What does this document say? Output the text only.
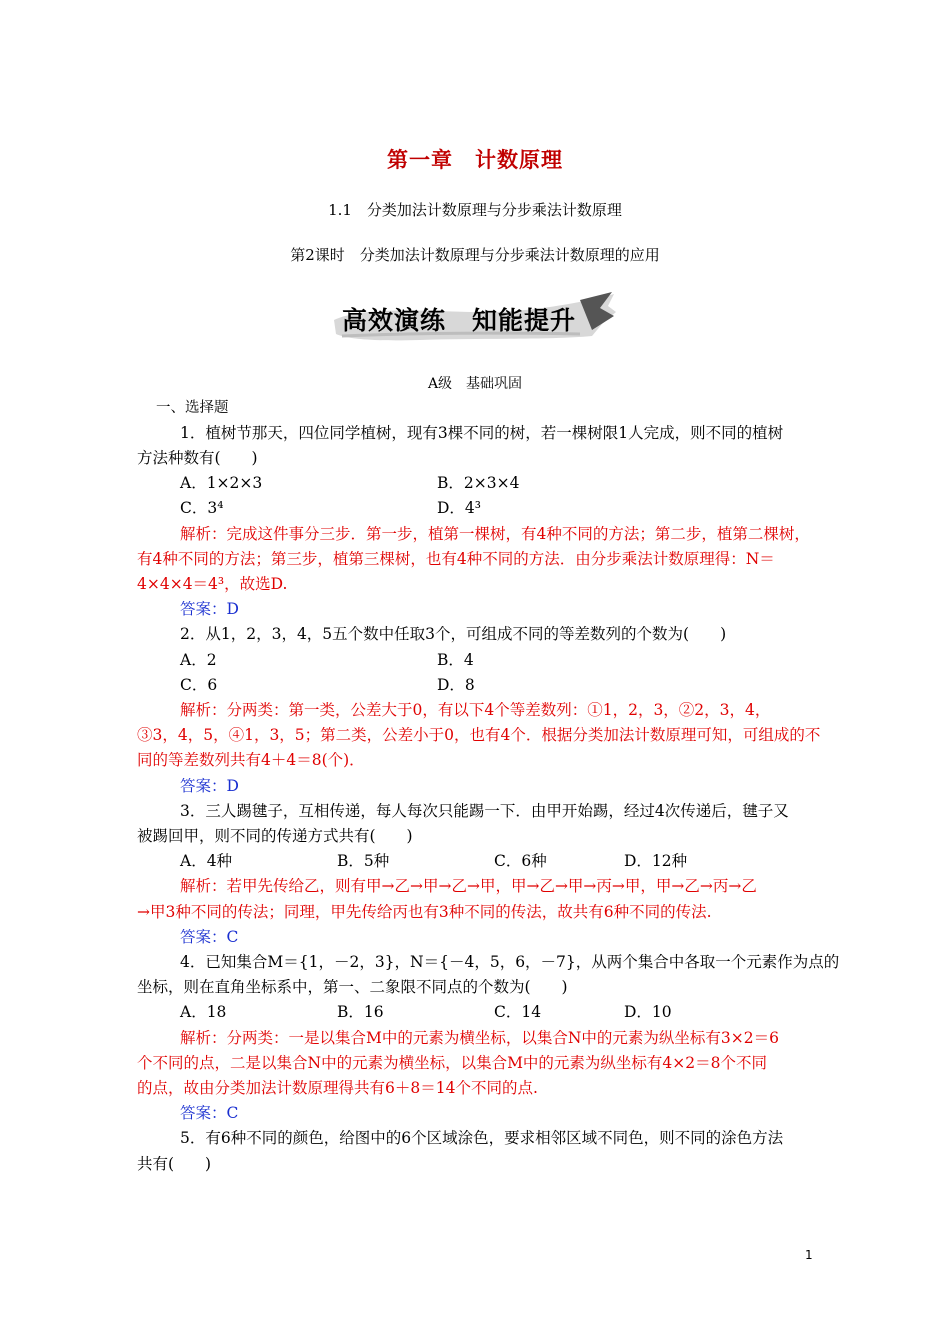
第一章　计数原理
1.1　分类加法计数原理与分步乘法计数原理
第2课时　分类加法计数原理与分步乘法计数原理的应用
高效演练　知能提升
A级　基础巩固
一、选择题
1．植树节那天，四位同学植树，现有3棵不同的树，若一棵树限1人完成，则不同的植树
方法种数有(　　)
A．1×2×3	B．2×3×4
C．3⁴	D．4³
解析：完成这件事分三步．第一步，植第一棵树，有4种不同的方法；第二步，植第二棵树，
有4种不同的方法；第三步，植第三棵树，也有4种不同的方法．由分步乘法计数原理得：N＝
4×4×4＝4³，故选D.
答案：D
2．从1，2，3，4，5五个数中任取3个，可组成不同的等差数列的个数为(　　)
A．2	B．4
C．6	D．8
解析：分两类：第一类，公差大于0，有以下4个等差数列：①1，2，3，②2，3，4，
③3，4，5，④1，3，5；第二类，公差小于0，也有4个．根据分类加法计数原理可知，可组成的不
同的等差数列共有4＋4＝8(个)．
答案：D
3．三人踢毽子，互相传递，每人每次只能踢一下．由甲开始踢，经过4次传递后，毽子又
被踢回甲，则不同的传递方式共有(　　)
A．4种	B．5种	C．6种	D．12种
解析：若甲先传给乙，则有甲→乙→甲→乙→甲，甲→乙→甲→丙→甲，甲→乙→丙→乙
→甲3种不同的传法；同理，甲先传给丙也有3种不同的传法，故共有6种不同的传法.
答案：C
4．已知集合M＝{1，－2，3}，N＝{－4，5，6，－7}，从两个集合中各取一个元素作为点的
坐标，则在直角坐标系中，第一、二象限不同点的个数为(　　)
A．18	B．16	C．14	D．10
解析：分两类：一是以集合M中的元素为横坐标，以集合N中的元素为纵坐标有3×2＝6
个不同的点，二是以集合N中的元素为横坐标，以集合M中的元素为纵坐标有4×2＝8个不同
的点，故由分类加法计数原理得共有6＋8＝14个不同的点.
答案：C
5．有6种不同的颜色，给图中的6个区域涂色，要求相邻区域不同色，则不同的涂色方法
共有(　　)
1
